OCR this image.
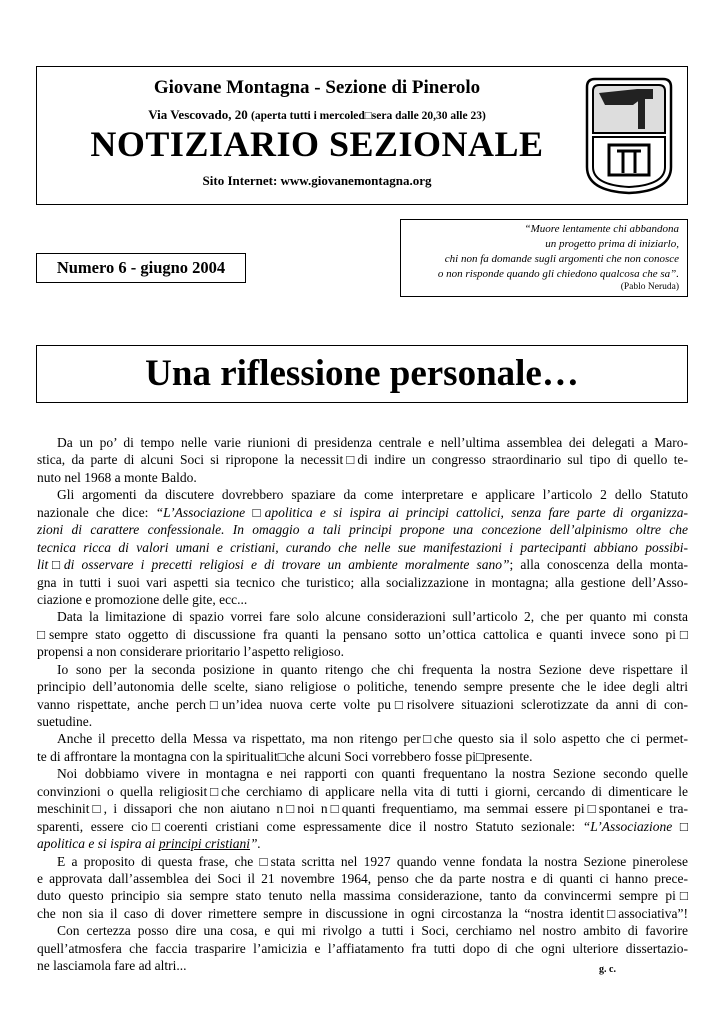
Giovane Montagna - Sezione di Pinerolo
Via Vescovado, 20 (aperta tutti i mercoled□sera dalle 20,30 alle 23)
NOTIZIARIO SEZIONALE
Sito Internet: www.giovanemontagna.org
Numero 6 - giugno 2004
“Muore lentamente chi abbandona
un progetto prima di iniziarlo,
chi non fa domande sugli argomenti che non conosce
o non risponde quando gli chiedono qualcosa che sa”.
(Pablo Neruda)
Una riflessione personale…
Da un po’ di tempo nelle varie riunioni di presidenza centrale e nell’ultima assemblea dei delegati a Maro-
stica, da parte di alcuni Soci si ripropone la necessit□di indire un congresso straordinario sul tipo di quello te-
nuto nel 1968 a monte Baldo.
Gli argomenti da discutere dovrebbero spaziare da come interpretare e applicare l’articolo 2 dello Statuto
nazionale che dice: “L’Associazione □apolitica e si ispira ai principi cattolici, senza fare parte di organizza-
zioni di carattere confessionale. In omaggio a tali principi propone una concezione dell’alpinismo oltre che
tecnica ricca di valori umani e cristiani, curando che nelle sue manifestazioni i partecipanti abbiano possibi-
lit□di osservare i precetti religiosi e di trovare un ambiente moralmente sano”; alla conoscenza della monta-
gna in tutti i suoi vari aspetti sia tecnico che turistico; alla socializzazione in montagna; alla gestione dell’Asso-
ciazione e promozione delle gite, ecc...
Data la limitazione di spazio vorrei fare solo alcune considerazioni sull’articolo 2, che per quanto mi consta
□sempre stato oggetto di discussione fra quanti la pensano sotto un’ottica cattolica e quanti invece sono pi□
propensi a non considerare prioritario l’aspetto religioso.
Io sono per la seconda posizione in quanto ritengo che chi frequenta la nostra Sezione deve rispettare il
principio dell’autonomia delle scelte, siano religiose o politiche, tenendo sempre presente che le idee degli altri
vanno rispettate, anche perch□un’idea nuova certe volte pu□risolvere situazioni sclerotizzate da anni di con-
suetudine.
Anche il precetto della Messa va rispettato, ma non ritengo per□che questo sia il solo aspetto che ci permet-
te di affrontare la montagna con la spiritualit□che alcuni Soci vorrebbero fosse pi□presente.
Noi dobbiamo vivere in montagna e nei rapporti con quanti frequentano la nostra Sezione secondo quelle
convinzioni o quella religiosit□che cerchiamo di applicare nella vita di tutti i giorni, cercando di dimenticare le
meschinit□, i dissapori che non aiutano n□noi n□quanti frequentiamo, ma semmai essere pi□spontanei e tra-
sparenti, essere cio□coerenti cristiani come espressamente dice il nostro Statuto sezionale: “L’Associazione □
apolitica e si ispira ai principi cristiani”.
E a proposito di questa frase, che □stata scritta nel 1927 quando venne fondata la nostra Sezione pinerolese
e approvata dall’assemblea dei Soci il 21 novembre 1964, penso che da parte nostra e di quanti ci hanno prece-
duto questo principio sia sempre stato tenuto nella massima considerazione, tanto da convincermi sempre pi□
che non sia il caso di dover rimettere sempre in discussione in ogni circostanza la “nostra identit□associativa”!
Con certezza posso dire una cosa, e qui mi rivolgo a tutti i Soci, cerchiamo nel nostro ambito di favorire
quell’atmosfera che faccia trasparire l’amicizia e l’affiatamento fra tutti dopo di che ogni ulteriore dissertazio-
ne lasciamola fare ad altri...	g. c.
